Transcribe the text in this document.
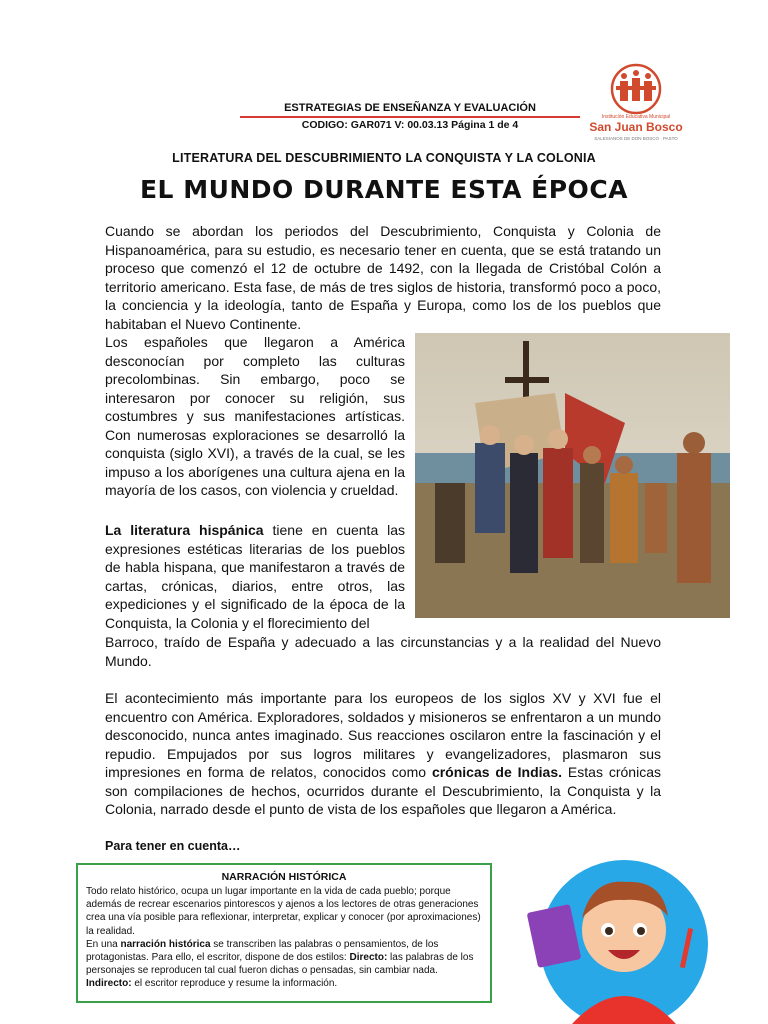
ESTRATEGIAS DE ENSEÑANZA Y EVALUACIÓN
CODIGO: GAR071 V: 00.03.13 Página 1 de 4
Institución Educativa Municipal
San Juan Bosco
SALESIANOS DE DON BOSCO · PASTO
LITERATURA DEL DESCUBRIMIENTO LA CONQUISTA Y LA COLONIA
EL MUNDO DURANTE ESTA ÉPOCA
Cuando se abordan los periodos del Descubrimiento, Conquista y Colonia de Hispanoamérica, para su estudio, es necesario tener en cuenta, que se está tratando un proceso que comenzó el 12 de octubre de 1492, con la llegada de Cristóbal Colón a territorio americano. Esta fase, de más de tres siglos de historia, transformó poco a poco, la conciencia y la ideología, tanto de España y Europa, como los de los pueblos que habitaban el Nuevo Continente.
Los españoles que llegaron a América desconocían por completo las culturas precolombinas. Sin embargo, poco se interesaron por conocer su religión, sus costumbres y sus manifestaciones artísticas. Con numerosas exploraciones se desarrolló la conquista (siglo XVI), a través de la cual, se les impuso a los aborígenes una cultura ajena en la mayoría de los casos, con violencia y crueldad.
La literatura hispánica tiene en cuenta las expresiones estéticas literarias de los pueblos de habla hispana, que manifestaron a través de cartas, crónicas, diarios, entre otros, las expediciones y el significado de la época de la Conquista, la Colonia y el florecimiento del
Barroco, traído de España y adecuado a las circunstancias y a la realidad del Nuevo Mundo.
El acontecimiento más importante para los europeos de los siglos XV y XVI fue el encuentro con América. Exploradores, soldados y misioneros se enfrentaron a un mundo desconocido, nunca antes imaginado. Sus reacciones oscilaron entre la fascinación y el repudio. Empujados por sus logros militares y evangelizadores, plasmaron sus impresiones en forma de relatos, conocidos como crónicas de Indias. Estas crónicas son compilaciones de hechos, ocurridos durante el Descubrimiento, la Conquista y la Colonia, narrado desde el punto de vista de los españoles que llegaron a América.
Para tener en cuenta…
NARRACIÓN HISTÓRICA
Todo relato histórico, ocupa un lugar importante en la vida de cada pueblo; porque además de recrear escenarios pintorescos y ajenos a los lectores de otras generaciones crea una vía posible para reflexionar, interpretar, explicar y conocer (por aproximaciones) la realidad.
En una narración histórica se transcriben las palabras o pensamientos, de los protagonistas. Para ello, el escritor, dispone de dos estilos: Directo: las palabras de los personajes se reproducen tal cual fueron dichas o pensadas, sin cambiar nada. Indirecto: el escritor reproduce y resume la información.
